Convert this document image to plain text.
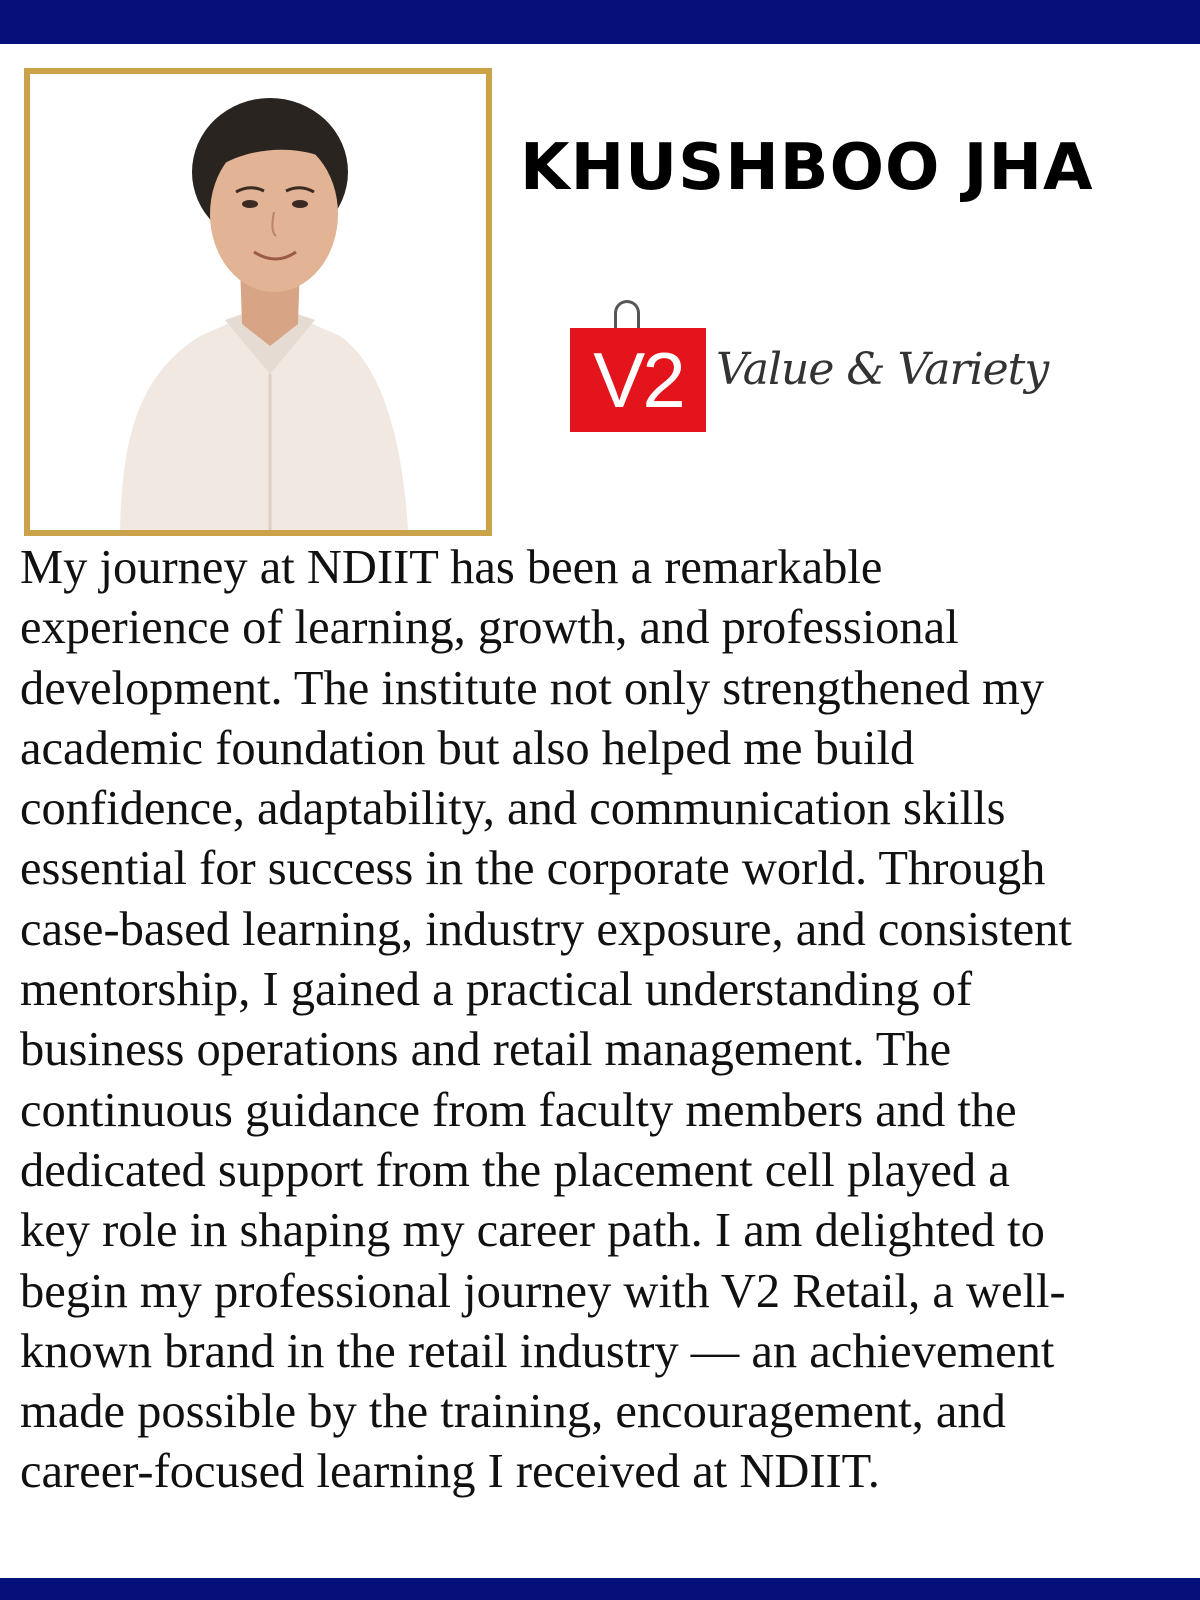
KHUSHBOO JHA
V2 Value & Variety

My journey at NDIIT has been a remarkable
experience of learning, growth, and professional
development. The institute not only strengthened my
academic foundation but also helped me build
confidence, adaptability, and communication skills
essential for success in the corporate world. Through
case-based learning, industry exposure, and consistent
mentorship, I gained a practical understanding of
business operations and retail management. The
continuous guidance from faculty members and the
dedicated support from the placement cell played a
key role in shaping my career path. I am delighted to
begin my professional journey with V2 Retail, a well-
known brand in the retail industry — an achievement
made possible by the training, encouragement, and
career-focused learning I received at NDIIT.
